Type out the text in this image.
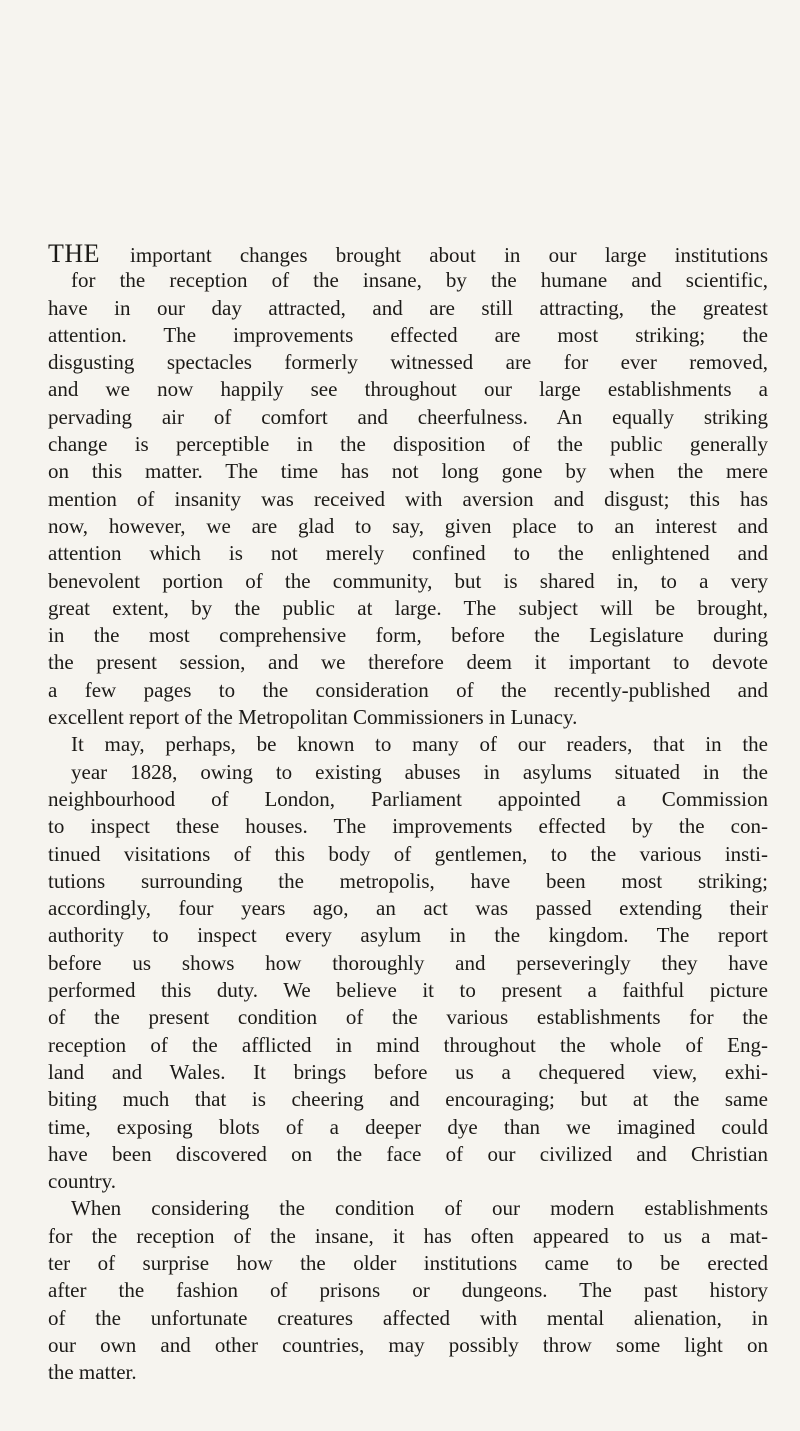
THE important changes brought about in our large institutions
for the reception of the insane, by the humane and scientific,
have in our day attracted, and are still attracting, the greatest
attention. The improvements effected are most striking; the
disgusting spectacles formerly witnessed are for ever removed,
and we now happily see throughout our large establishments a
pervading air of comfort and cheerfulness. An equally striking
change is perceptible in the disposition of the public generally
on this matter. The time has not long gone by when the mere
mention of insanity was received with aversion and disgust; this has
now, however, we are glad to say, given place to an interest and
attention which is not merely confined to the enlightened and
benevolent portion of the community, but is shared in, to a very
great extent, by the public at large. The subject will be brought,
in the most comprehensive form, before the Legislature during
the present session, and we therefore deem it important to devote
a few pages to the consideration of the recently-published and
excellent report of the Metropolitan Commissioners in Lunacy.
It may, perhaps, be known to many of our readers, that in the
year 1828, owing to existing abuses in asylums situated in the
neighbourhood of London, Parliament appointed a Commission
to inspect these houses. The improvements effected by the con-
tinued visitations of this body of gentlemen, to the various insti-
tutions surrounding the metropolis, have been most striking;
accordingly, four years ago, an act was passed extending their
authority to inspect every asylum in the kingdom. The report
before us shows how thoroughly and perseveringly they have
performed this duty. We believe it to present a faithful picture
of the present condition of the various establishments for the
reception of the afflicted in mind throughout the whole of Eng-
land and Wales. It brings before us a chequered view, exhi-
biting much that is cheering and encouraging; but at the same
time, exposing blots of a deeper dye than we imagined could
have been discovered on the face of our civilized and Christian
country.
When considering the condition of our modern establishments
for the reception of the insane, it has often appeared to us a mat-
ter of surprise how the older institutions came to be erected
after the fashion of prisons or dungeons. The past history
of the unfortunate creatures affected with mental alienation, in
our own and other countries, may possibly throw some light on
the matter.
